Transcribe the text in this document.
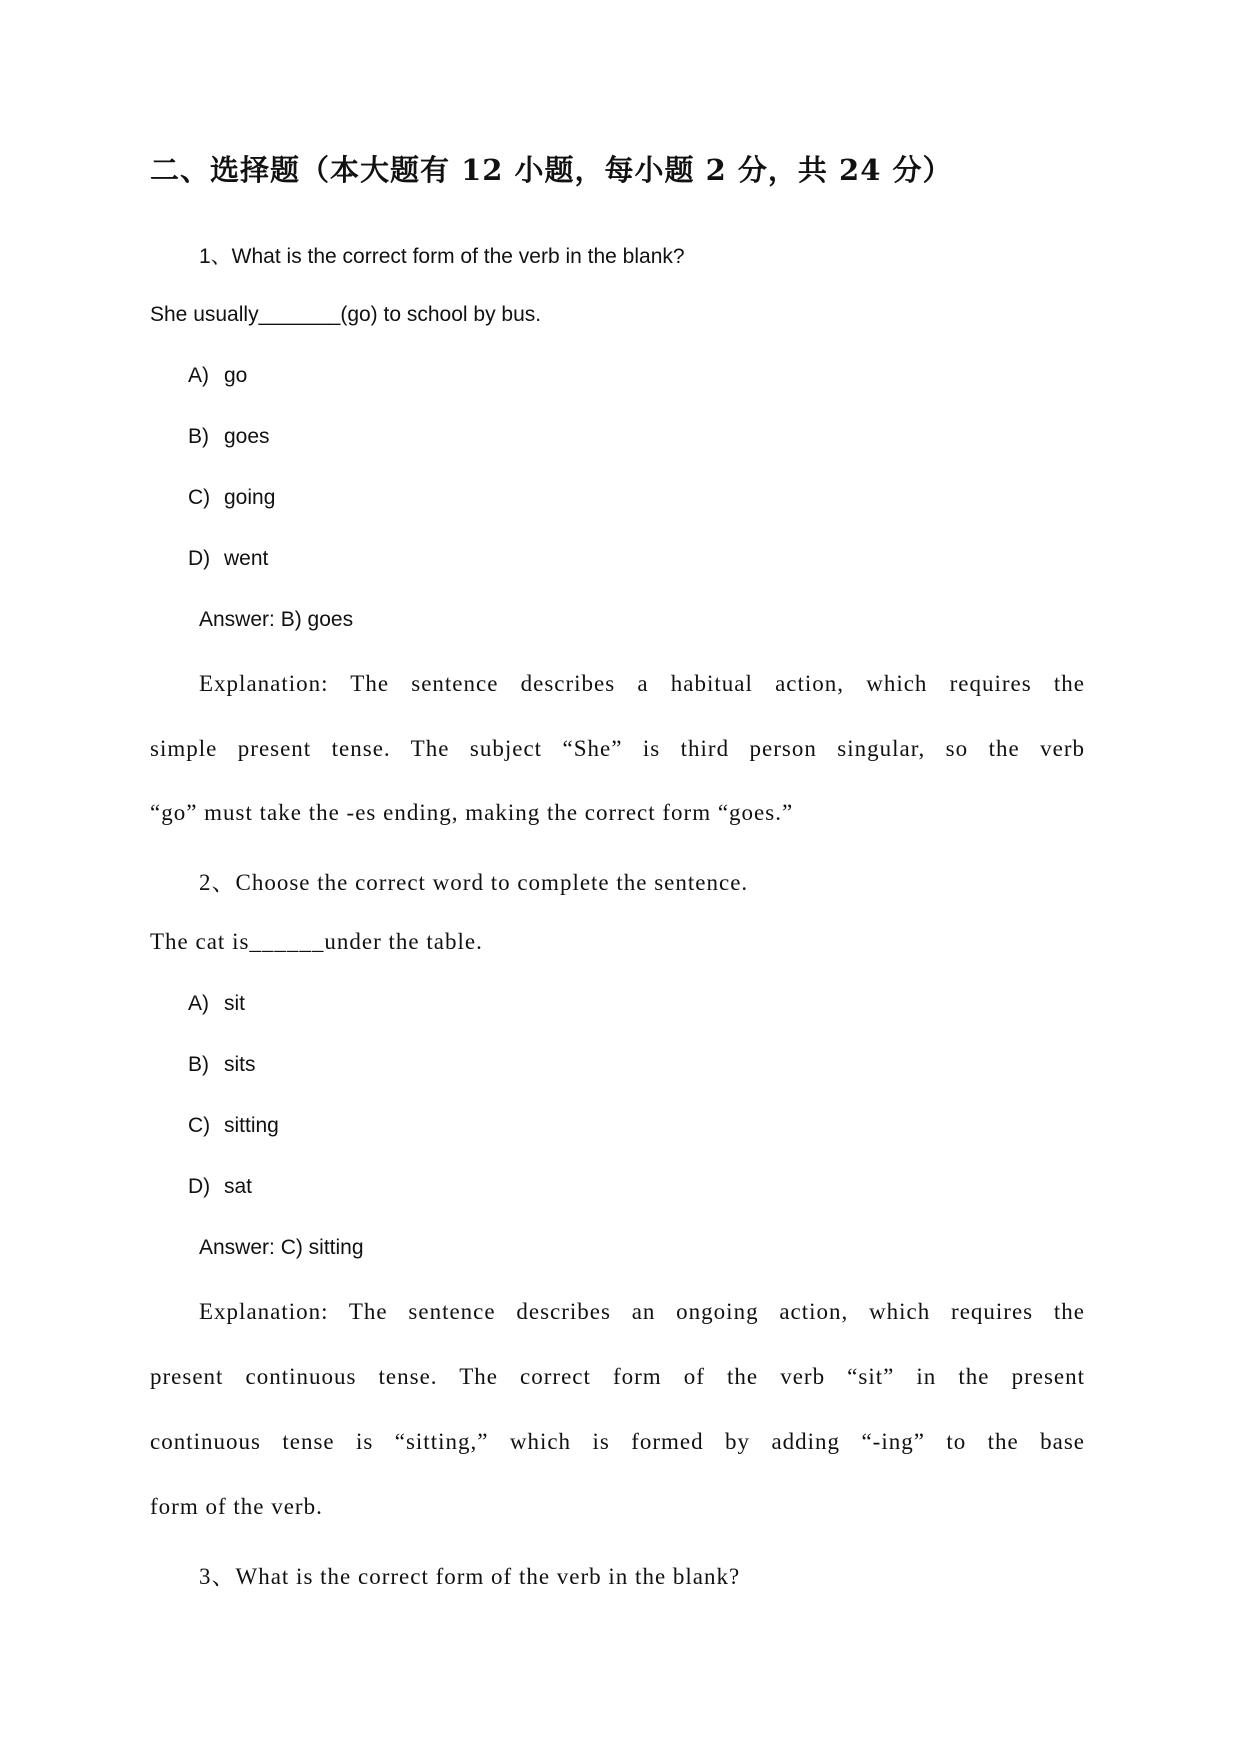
二、选择题（本大题有 12 小题，每小题 2 分，共 24 分）
1、What is the correct form of the verb in the blank?
She usually_______(go) to school by bus.
A) go
B) goes
C) going
D) went
Answer: B) goes
Explanation: The sentence describes a habitual action, which requires the
simple present tense. The subject “She” is third person singular, so the verb
“go” must take the -es ending, making the correct form “goes.”
2、Choose the correct word to complete the sentence.
The cat is______under the table.
A) sit
B) sits
C) sitting
D) sat
Answer: C) sitting
Explanation: The sentence describes an ongoing action, which requires the
present continuous tense. The correct form of the verb “sit” in the present
continuous tense is “sitting,” which is formed by adding “-ing” to the base
form of the verb.
3、What is the correct form of the verb in the blank?
